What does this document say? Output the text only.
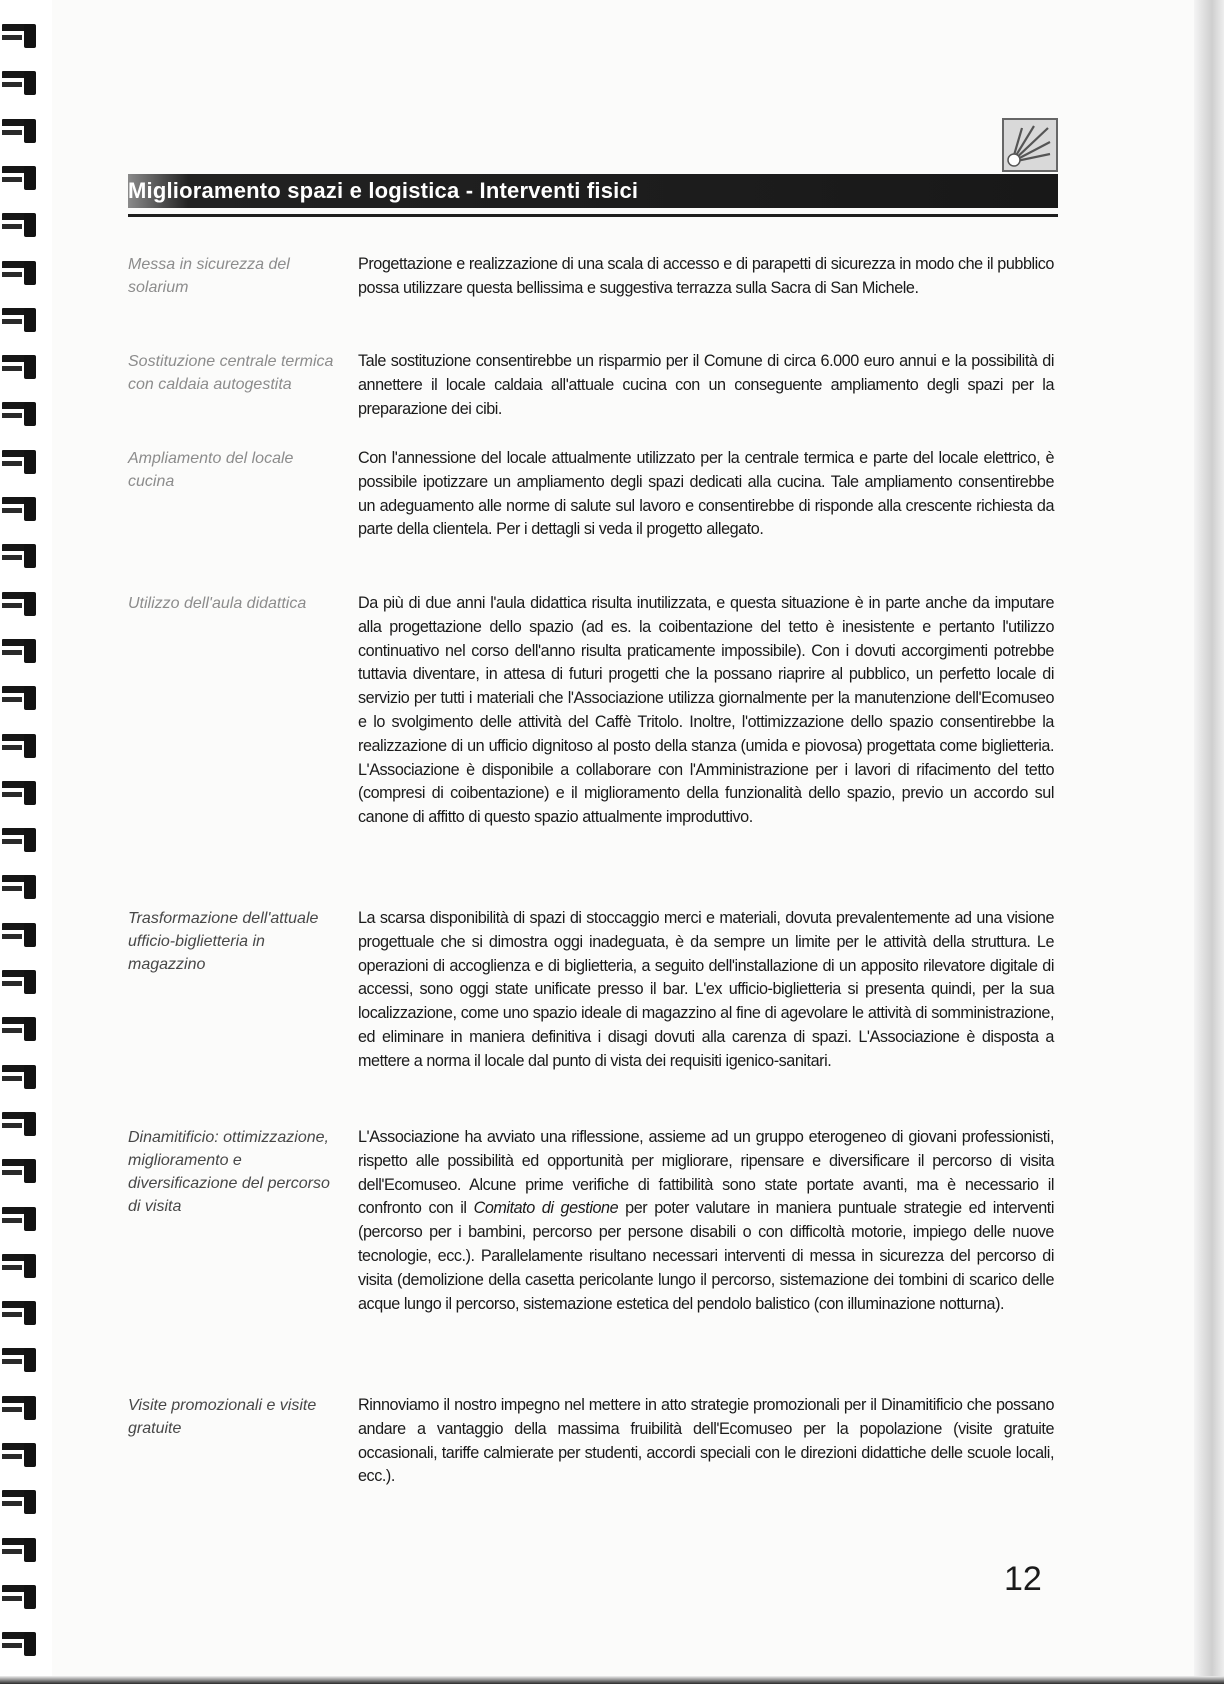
Miglioramento spazi e logistica - Interventi fisici
Messa in sicurezza del solarium
Progettazione e realizzazione di una scala di accesso e di parapetti di sicurezza in modo che il pubblico possa utilizzare questa bellissima e suggestiva terrazza sulla Sacra di San Michele.
Sostituzione centrale termica con caldaia autogestita
Tale sostituzione consentirebbe un risparmio per il Comune di circa 6.000 euro annui e la possibilità di annettere il locale caldaia all'attuale cucina con un conseguente ampliamento degli spazi per la preparazione dei cibi.
Ampliamento del locale cucina
Con l'annessione del locale attualmente utilizzato per la centrale termica e parte del locale elettrico, è possibile ipotizzare un ampliamento degli spazi dedicati alla cucina. Tale ampliamento consentirebbe un adeguamento alle norme di salute sul lavoro e consentirebbe di risponde alla crescente richiesta da parte della clientela. Per i dettagli si veda il progetto allegato.
Utilizzo dell'aula didattica	Da più di due anni l'aula didattica risulta inutilizzata, e questa situazione è in parte anche da imputare alla progettazione dello spazio (ad es. la coibentazione del tetto è inesistente e pertanto l'utilizzo continuativo nel corso dell'anno risulta praticamente impossibile). Con i dovuti accorgimenti potrebbe tuttavia diventare, in attesa di futuri progetti che la possano riaprire al pubblico, un perfetto locale di servizio per tutti i materiali che l'Associazione utilizza giornalmente per la manutenzione dell'Ecomuseo e lo svolgimento delle attività del Caffè Tritolo. Inoltre, l'ottimizzazione dello spazio consentirebbe la realizzazione di un ufficio dignitoso al posto della stanza (umida e piovosa) progettata come biglietteria. L'Associazione è disponibile a collaborare con l'Amministrazione per i lavori di rifacimento del tetto (compresi di coibentazione) e il miglioramento della funzionalità dello spazio, previo un accordo sul canone di affitto di questo spazio attualmente improduttivo.
Trasformazione dell'attuale ufficio-biglietteria in magazzino
La scarsa disponibilità di spazi di stoccaggio merci e materiali, dovuta prevalentemente ad una visione progettuale che si dimostra oggi inadeguata, è da sempre un limite per le attività della struttura. Le operazioni di accoglienza e di biglietteria, a seguito dell'installazione di un apposito rilevatore digitale di accessi, sono oggi state unificate presso il bar. L'ex ufficio-biglietteria si presenta quindi, per la sua localizzazione, come uno spazio ideale di magazzino al fine di agevolare le attività di somministrazione, ed eliminare in maniera definitiva i disagi dovuti alla carenza di spazi. L'Associazione è disposta a mettere a norma il locale dal punto di vista dei requisiti igenico-sanitari.
Dinamitificio: ottimizzazione, miglioramento e diversificazione del percorso di visita
L'Associazione ha avviato una riflessione, assieme ad un gruppo eterogeneo di giovani professionisti, rispetto alle possibilità ed opportunità per migliorare, ripensare e diversificare il percorso di visita dell'Ecomuseo. Alcune prime verifiche di fattibilità sono state portate avanti, ma è necessario il confronto con il Comitato di gestione per poter valutare in maniera puntuale strategie ed interventi (percorso per i bambini, percorso per persone disabili o con difficoltà motorie, impiego delle nuove tecnologie, ecc.). Parallelamente risultano necessari interventi di messa in sicurezza del percorso di visita (demolizione della casetta pericolante lungo il percorso, sistemazione dei tombini di scarico delle acque lungo il percorso, sistemazione estetica del pendolo balistico (con illuminazione notturna).
Visite promozionali e visite gratuite
Rinnoviamo il nostro impegno nel mettere in atto strategie promozionali per il Dinamitificio che possano andare a vantaggio della massima fruibilità dell'Ecomuseo per la popolazione (visite gratuite occasionali, tariffe calmierate per studenti, accordi speciali con le direzioni didattiche delle scuole locali, ecc.).
12
